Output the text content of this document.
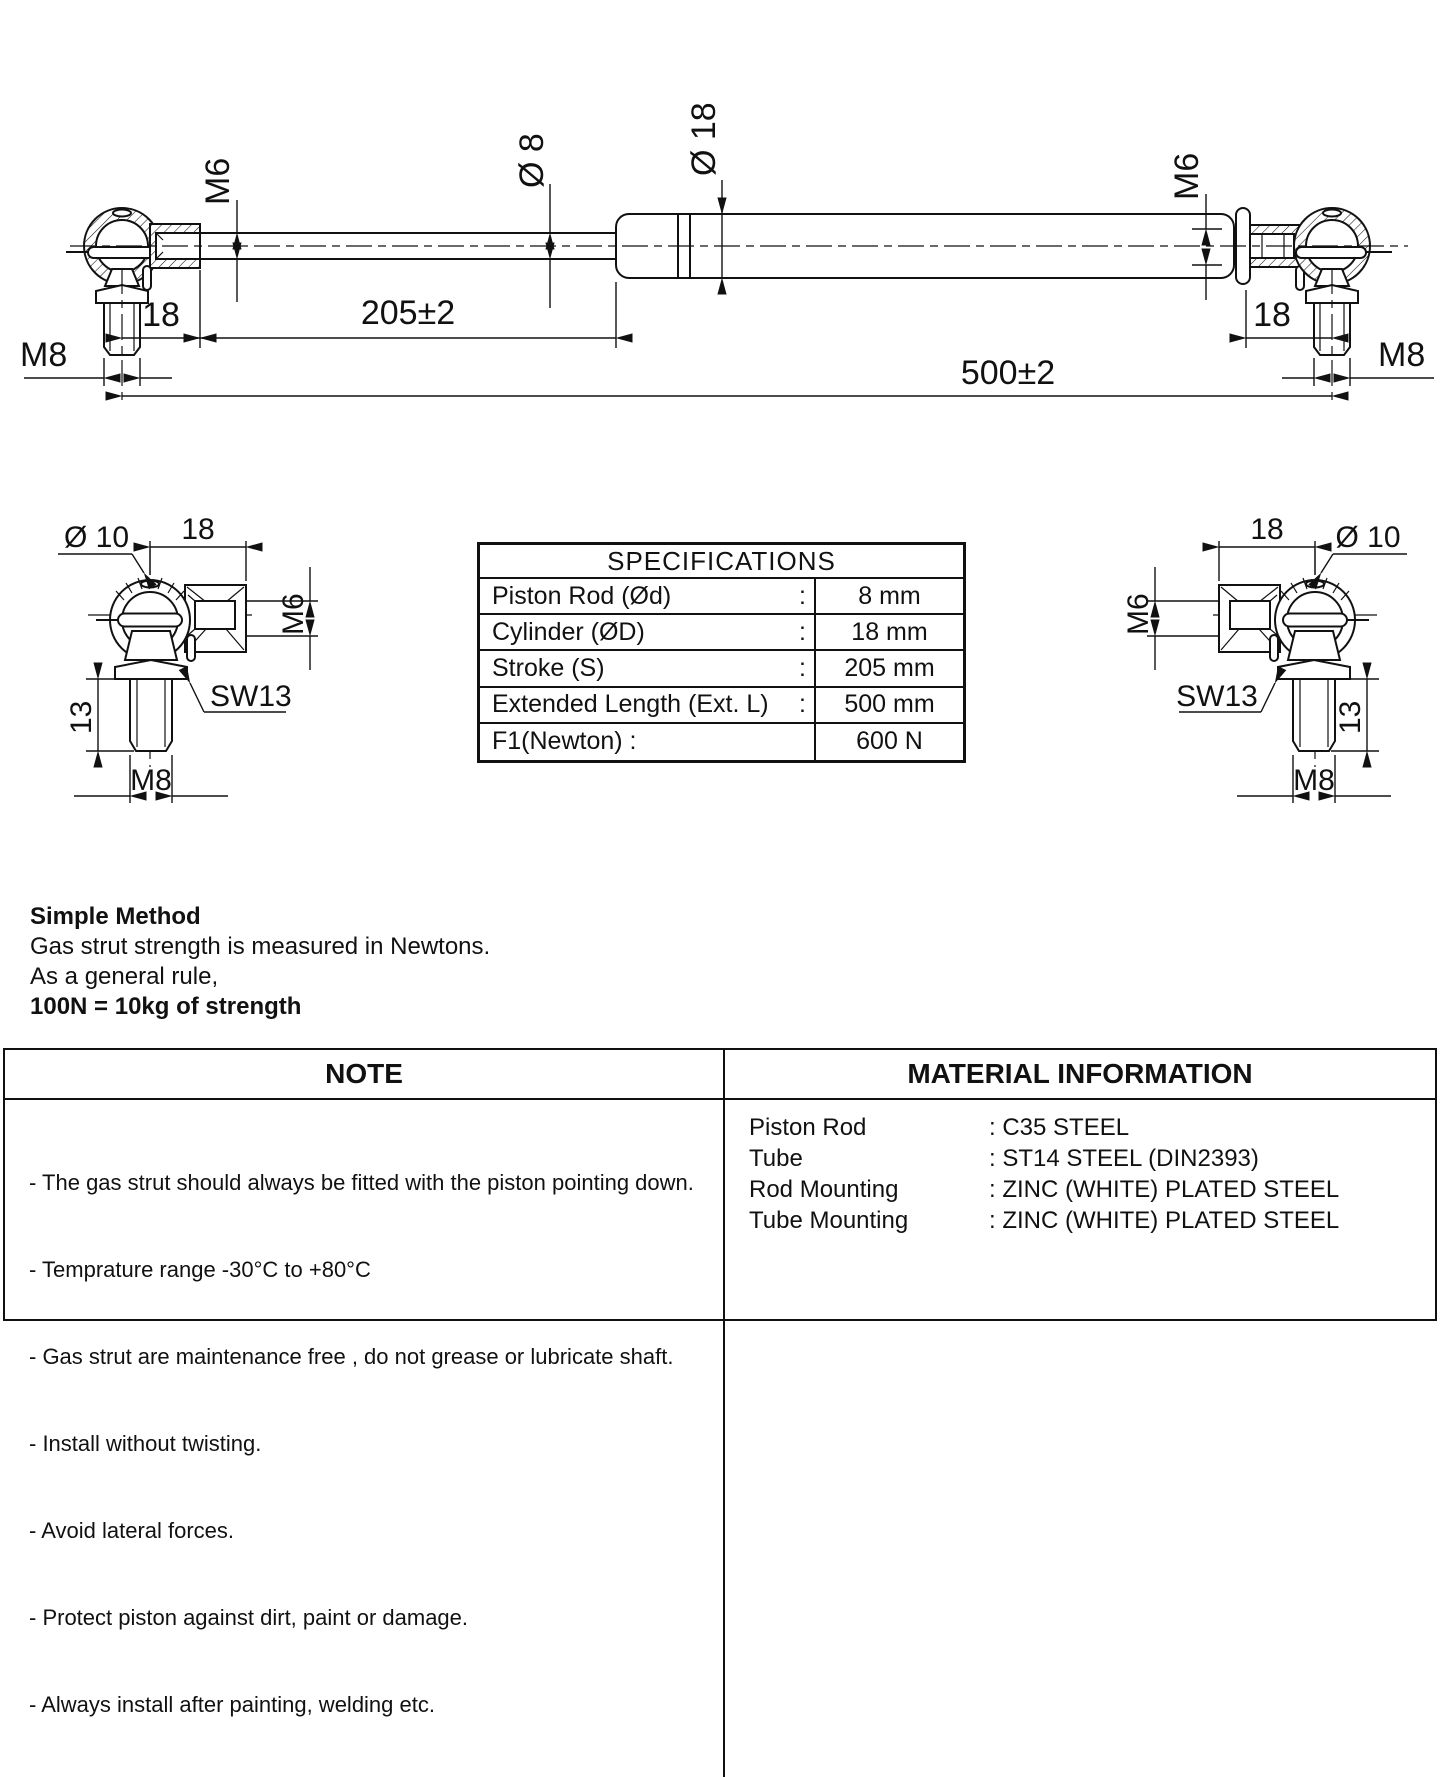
M6	Ø 8	Ø 18
M6
18	205±2	18
500±2
M8	M8
Ø 10 18
M6
SW13
13
M8
Ø 10
18
M6
SW13
13
M8
SPECIFICATIONS
Piston Rod (Ød)	:	8 mm
Cylinder (ØD)	:	18 mm
Stroke (S)	:	205 mm
Extended Length (Ext. L) :	500 mm
F1(Newton) :	600 N
Simple Method
Gas strut strength is measured in Newtons.
As a general rule,
100N = 10kg of strength
NOTE	MATERIAL INFORMATION

- The gas strut should always be fitted with the piston pointing down.

- Temprature range -30°C to +80°C

- Gas strut are maintenance free , do not grease or lubricate shaft.

- Install without twisting.

- Avoid lateral forces.

- Protect piston against dirt, paint or damage.

- Always install after painting, welding etc.

Piston Rod	: C35 STEEL
Tube	: ST14 STEEL (DIN2393)
Rod Mounting	: ZINC (WHITE) PLATED STEEL
Tube Mounting	: ZINC (WHITE) PLATED STEEL
